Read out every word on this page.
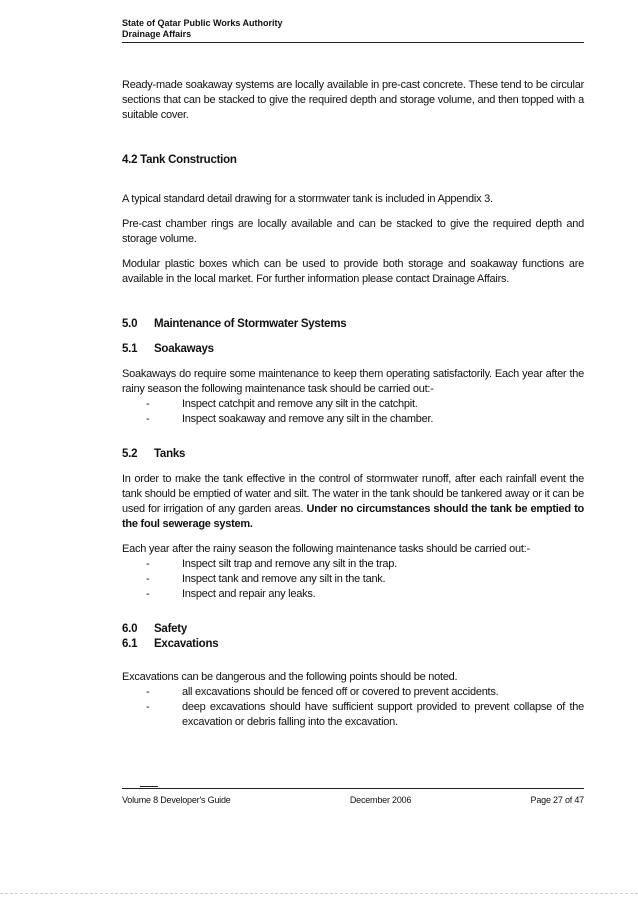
State of Qatar Public Works Authority
Drainage Affairs

Ready-made soakaway systems are locally available in pre-cast concrete. These tend to be circular sections that can be stacked to give the required depth and storage volume, and then topped with a suitable cover.

4.2 Tank Construction

A typical standard detail drawing for a stormwater tank is included in Appendix 3.

Pre-cast chamber rings are locally available and can be stacked to give the required depth and storage volume.

Modular plastic boxes which can be used to provide both storage and soakaway functions are available in the local market. For further information please contact Drainage Affairs.

5.0 Maintenance of Stormwater Systems

5.1 Soakaways

Soakaways do require some maintenance to keep them operating satisfactorily. Each year after the rainy season the following maintenance task should be carried out:-

-	Inspect catchpit and remove any silt in the catchpit.
-	Inspect soakaway and remove any silt in the chamber.

5.2 Tanks

In order to make the tank effective in the control of stormwater runoff, after each rainfall event the tank should be emptied of water and silt. The water in the tank should be tankered away or it can be used for irrigation of any garden areas. Under no circumstances should the tank be emptied to the foul sewerage system.

Each year after the rainy season the following maintenance tasks should be carried out:-

-	Inspect silt trap and remove any silt in the trap.
-	Inspect tank and remove any silt in the tank.
-	Inspect and repair any leaks.

6.0 Safety

6.1 Excavations

Excavations can be dangerous and the following points should be noted.

-	all excavations should be fenced off or covered to prevent accidents.
-	deep excavations should have sufficient support provided to prevent collapse of the excavation or debris falling into the excavation.
Volume 8 Developer's Guide	December 2006	Page 27 of 47
